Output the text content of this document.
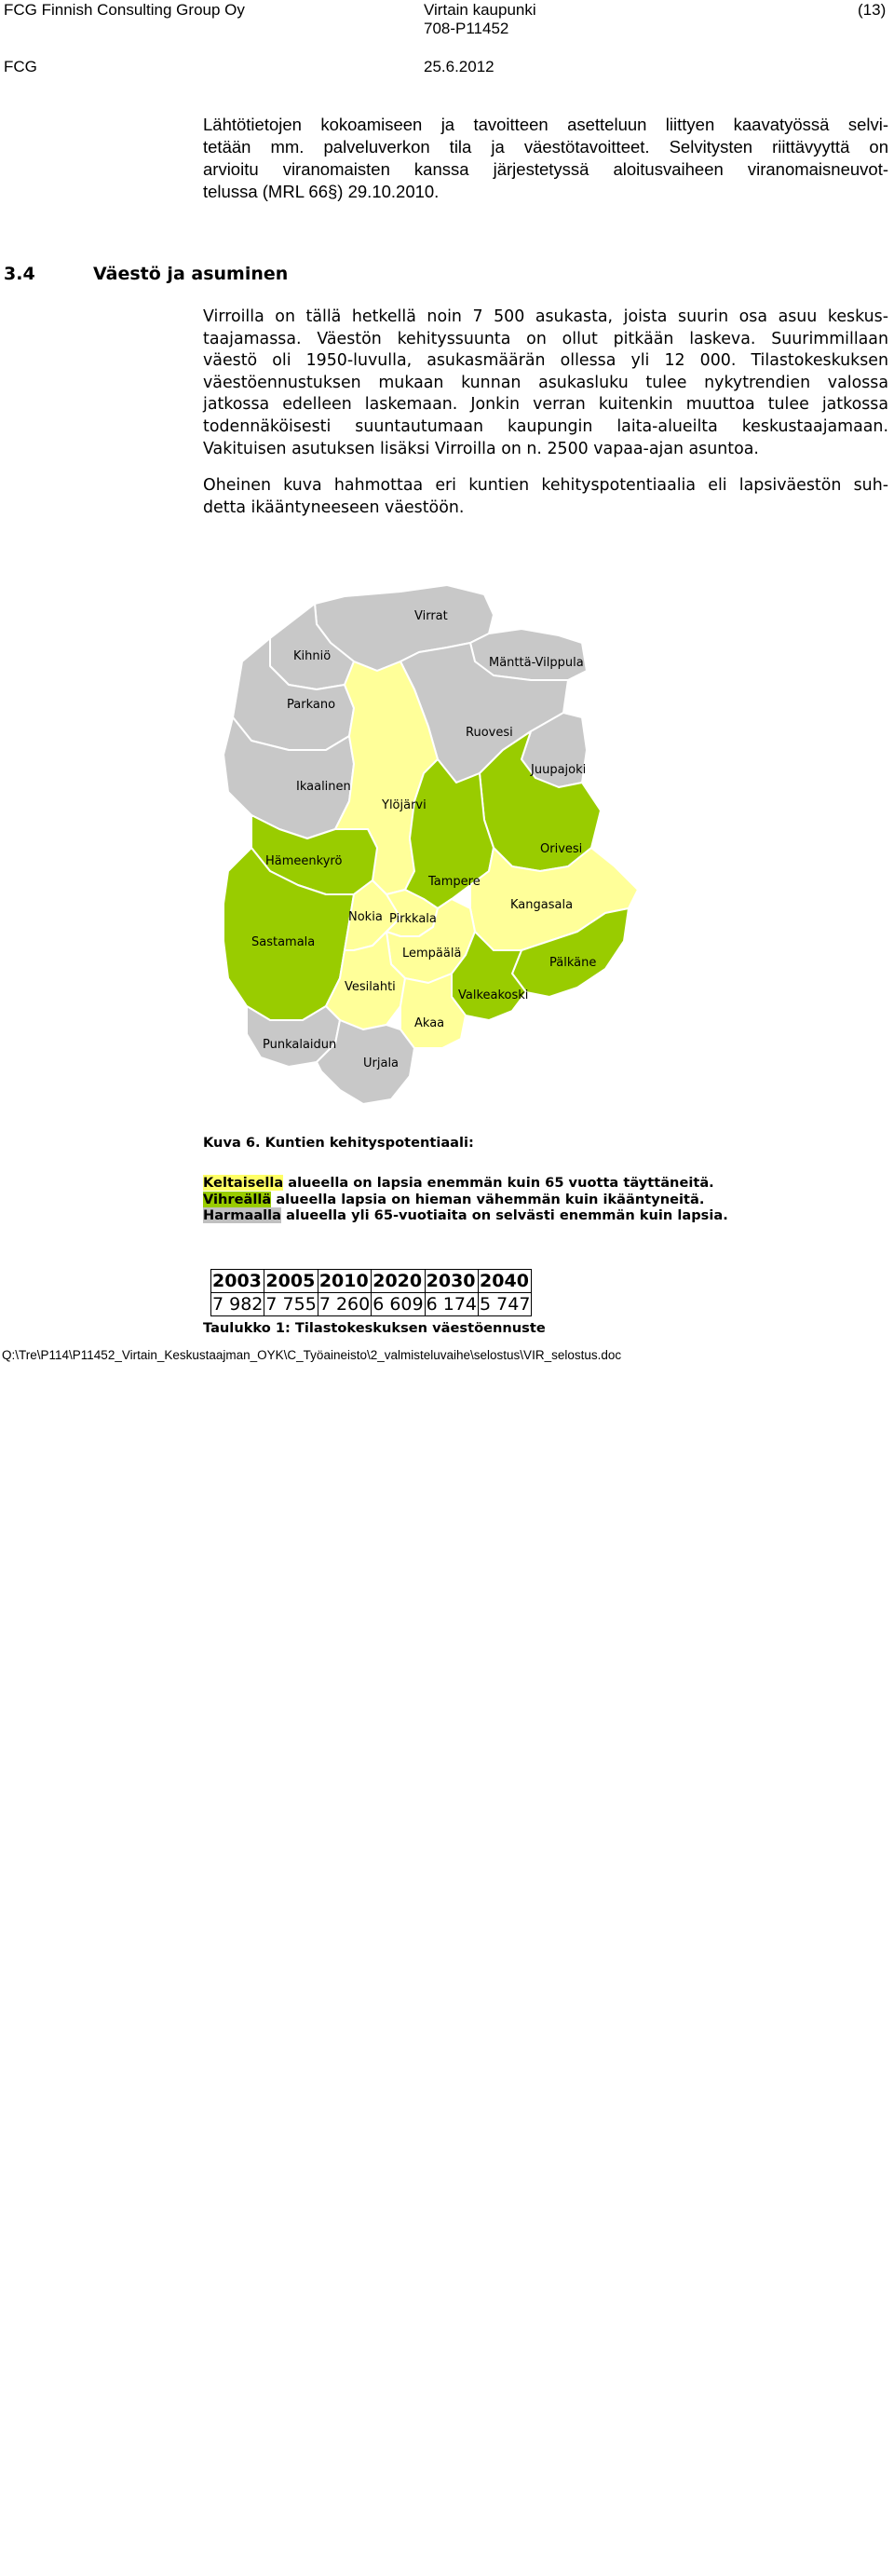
FCG Finnish Consulting Group Oy	Virtain kaupunki
708-P11452
(13)
FCG	25.6.2012
Lähtötietojen kokoamiseen ja tavoitteen asetteluun liittyen kaavatyössä selvi-
tetään mm. palveluverkon tila ja väestötavoitteet. Selvitysten riittävyyttä on
arvioitu viranomaisten kanssa järjestetyssä aloitusvaiheen viranomaisneuvot-
telussa (MRL 66§) 29.10.2010.
3.4	Väestö ja asuminen
Virroilla on tällä hetkellä noin 7 500 asukasta, joista suurin osa asuu keskus-
taajamassa. Väestön kehityssuunta on ollut pitkään laskeva. Suurimmillaan
väestö oli 1950-luvulla, asukasmäärän ollessa yli 12 000. Tilastokeskuksen
väestöennustuksen mukaan kunnan asukasluku tulee nykytrendien valossa
jatkossa edelleen laskemaan. Jonkin verran kuitenkin muuttoa tulee jatkossa
todennäköisesti suuntautumaan kaupungin laita-alueilta keskustaajamaan.
Vakituisen asutuksen lisäksi Virroilla on n. 2500 vapaa-ajan asuntoa.
Oheinen kuva hahmottaa eri kuntien kehityspotentiaalia eli lapsiväestön suh-
detta ikääntyneeseen väestöön.
Virrat
Kihniö	Mänttä-Vilppula
Parkano
Ruovesi
Ikaalinen
Juupajoki
Ylöjärvi
Orivesi
Hämeenkyrö
Tampere
Kangasala
Nokia Pirkkala
Sastamala
Lempäälä
Pälkäne
Vesilahti
Valkeakoski
Akaa
Punkalaidun
Urjala
Kuva 6. Kuntien kehityspotentiaali:
Keltaisella alueella on lapsia enemmän kuin 65 vuotta täyttäneitä.
Vihreällä alueella lapsia on hieman vähemmän kuin ikääntyneitä.
Harmaalla alueella yli 65-vuotiaita on selvästi enemmän kuin lapsia.
2003	2005	2010	2020	2030	2040
7 982	7 755	7 260	6 609	6 174	5 747
Taulukko 1: Tilastokeskuksen väestöennuste
Q:\Tre\P114\P11452_Virtain_Keskustaajman_OYK\C_Työaineisto\2_valmisteluvaihe\selostus\VIR_selostus.doc
